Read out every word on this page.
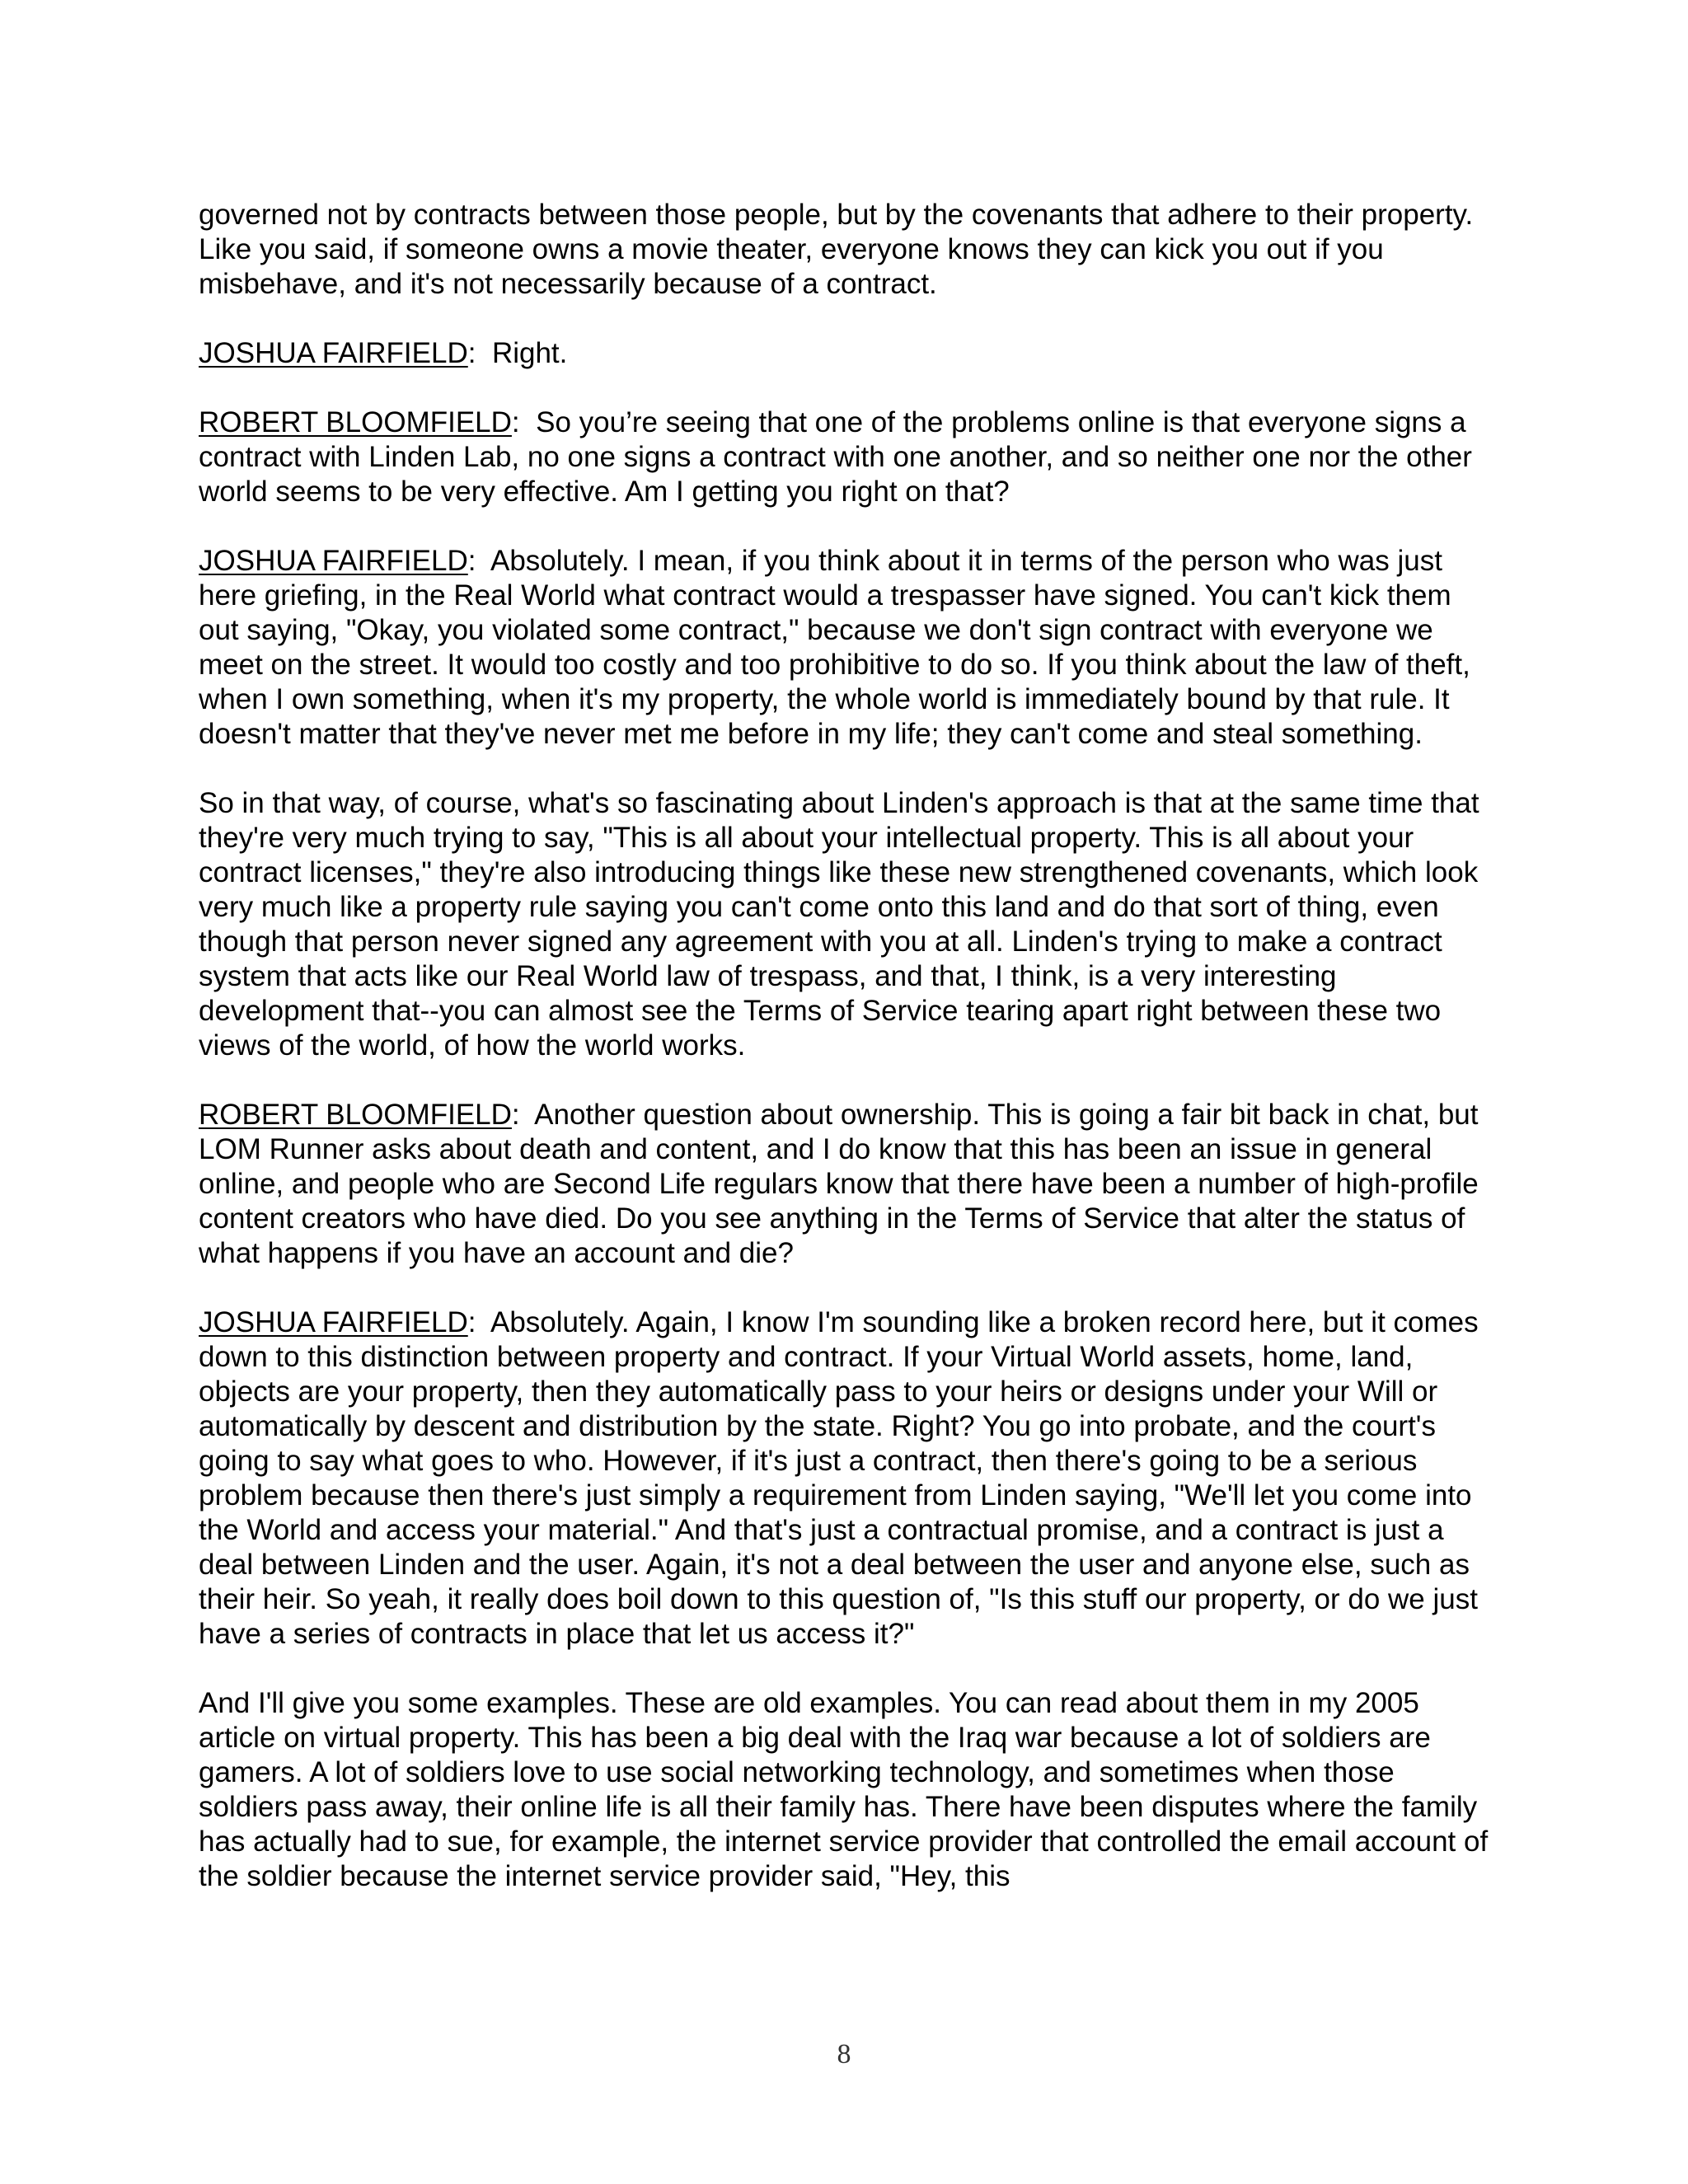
governed not by contracts between those people, but by the covenants that adhere to their property. Like you said, if someone owns a movie theater, everyone knows they can kick you out if you misbehave, and it's not necessarily because of a contract.

JOSHUA FAIRFIELD:  Right.

ROBERT BLOOMFIELD:  So you’re seeing that one of the problems online is that everyone signs a contract with Linden Lab, no one signs a contract with one another, and so neither one nor the other world seems to be very effective. Am I getting you right on that?

JOSHUA FAIRFIELD:  Absolutely. I mean, if you think about it in terms of the person who was just here griefing, in the Real World what contract would a trespasser have signed. You can't kick them out saying, "Okay, you violated some contract," because we don't sign contract with everyone we meet on the street. It would too costly and too prohibitive to do so. If you think about the law of theft, when I own something, when it's my property, the whole world is immediately bound by that rule. It doesn't matter that they've never met me before in my life; they can't come and steal something.

So in that way, of course, what's so fascinating about Linden's approach is that at the same time that they're very much trying to say, "This is all about your intellectual property. This is all about your contract licenses," they're also introducing things like these new strengthened covenants, which look very much like a property rule saying you can't come onto this land and do that sort of thing, even though that person never signed any agreement with you at all. Linden's trying to make a contract system that acts like our Real World law of trespass, and that, I think, is a very interesting development that--you can almost see the Terms of Service tearing apart right between these two views of the world, of how the world works.

ROBERT BLOOMFIELD:  Another question about ownership. This is going a fair bit back in chat, but LOM Runner asks about death and content, and I do know that this has been an issue in general online, and people who are Second Life regulars know that there have been a number of high-profile content creators who have died. Do you see anything in the Terms of Service that alter the status of what happens if you have an account and die?

JOSHUA FAIRFIELD:  Absolutely. Again, I know I'm sounding like a broken record here, but it comes down to this distinction between property and contract. If your Virtual World assets, home, land, objects are your property, then they automatically pass to your heirs or designs under your Will or automatically by descent and distribution by the state. Right? You go into probate, and the court's going to say what goes to who. However, if it's just a contract, then there's going to be a serious problem because then there's just simply a requirement from Linden saying, "We'll let you come into the World and access your material." And that's just a contractual promise, and a contract is just a deal between Linden and the user. Again, it's not a deal between the user and anyone else, such as their heir. So yeah, it really does boil down to this question of, "Is this stuff our property, or do we just have a series of contracts in place that let us access it?"

And I'll give you some examples. These are old examples. You can read about them in my 2005 article on virtual property. This has been a big deal with the Iraq war because a lot of soldiers are gamers. A lot of soldiers love to use social networking technology, and sometimes when those soldiers pass away, their online life is all their family has. There have been disputes where the family has actually had to sue, for example, the internet service provider that controlled the email account of the soldier because the internet service provider said, "Hey, this

8
